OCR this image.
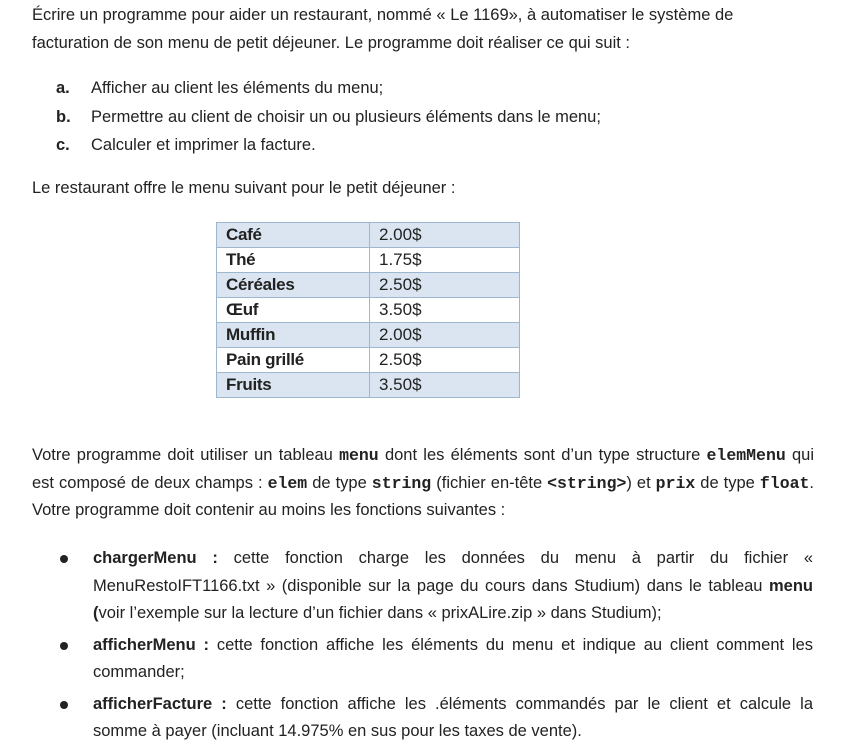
Écrire un programme pour aider un restaurant, nommé « Le 1169», à automatiser le système de
facturation de son menu de petit déjeuner. Le programme doit réaliser ce qui suit :

a. Afficher au client les éléments du menu;
b. Permettre au client de choisir un ou plusieurs éléments dans le menu;
c. Calculer et imprimer la facture.

Le restaurant offre le menu suivant pour le petit déjeuner :

Café	2.00$
Thé	1.75$
Céréales	2.50$
Œuf	3.50$
Muffin	2.00$
Pain grillé	2.50$
Fruits	3.50$

Votre programme doit utiliser un tableau menu dont les éléments sont d’un type structure elemMenu qui est composé de deux champs : elem de type string (fichier en-tête <string>) et prix de type float. Votre programme doit contenir au moins les fonctions suivantes :

chargerMenu : cette fonction charge les données du menu à partir du fichier « MenuRestoIFT1166.txt » (disponible sur la page du cours dans Studium) dans le tableau menu (voir l’exemple sur la lecture d’un fichier dans « prixALire.zip » dans Studium);
afficherMenu : cette fonction affiche les éléments du menu et indique au client comment les commander;
afficherFacture : cette fonction affiche les .éléments commandés par le client et calcule la somme à payer (incluant 14.975% en sus pour les taxes de vente).
